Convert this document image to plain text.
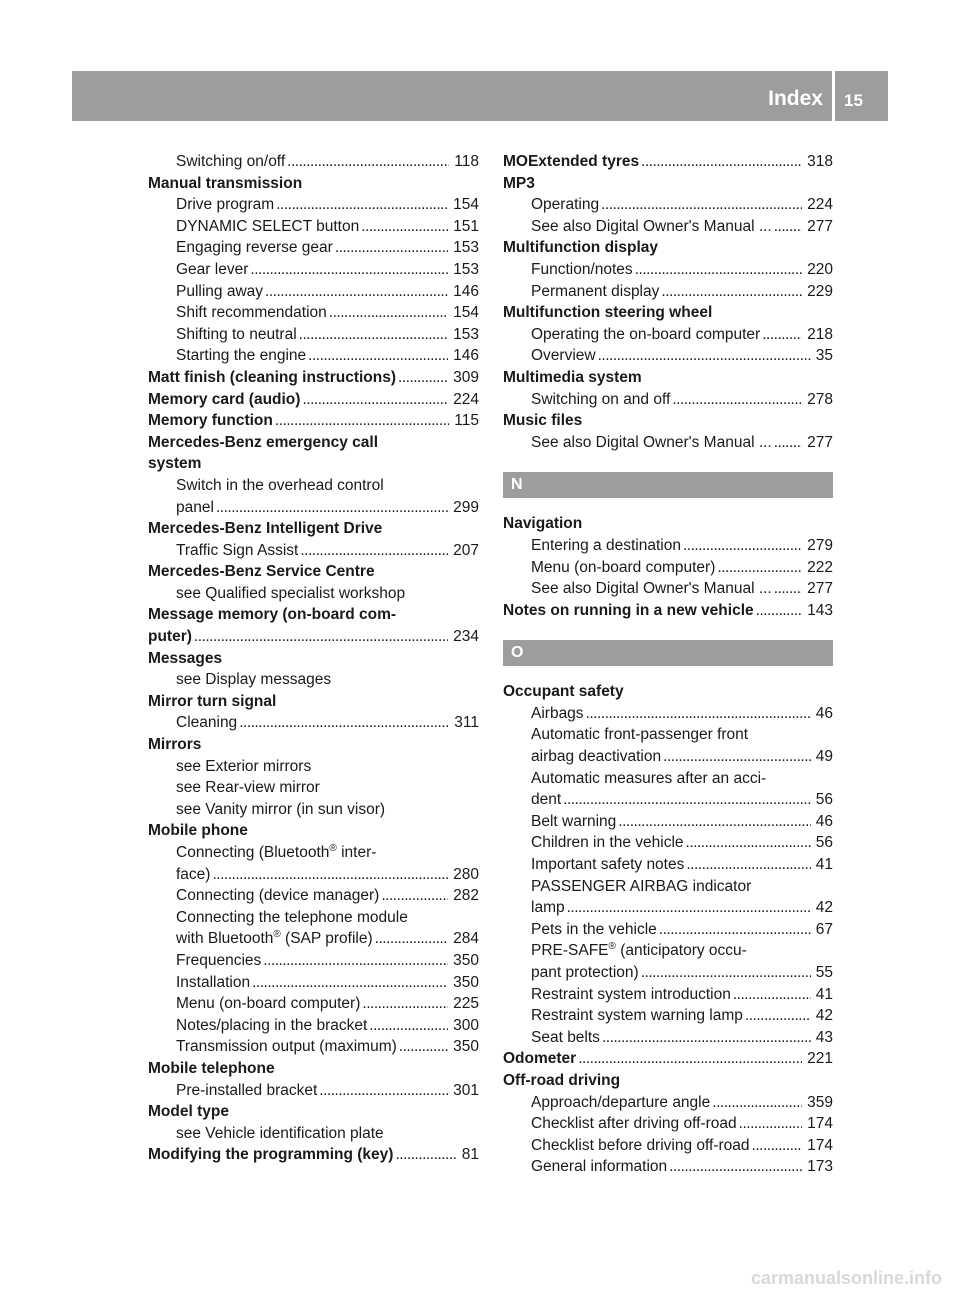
Index 15
Switching on/off . . .	118
Manual transmission
Drive program . . .	154
DYNAMIC SELECT button . . .	151
Engaging reverse gear . . .	153
Gear lever . . .	153
Pulling away . . .	146
Shift recommendation . . .	154
Shifting to neutral . . .	153
Starting the engine . . .	146
Matt finish (cleaning instructions) . . .	309
Memory card (audio) . . .	224
Memory function . . .	115
Mercedes-Benz emergency call
system
Switch in the overhead control
panel . . .	299
Mercedes-Benz Intelligent Drive
Traffic Sign Assist . . .	207
Mercedes-Benz Service Centre
see Qualified specialist workshop
Message memory (on-board com-
puter) . . .	234
Messages
see Display messages
Mirror turn signal
Cleaning . . .	311
Mirrors
see Exterior mirrors
see Rear-view mirror
see Vanity mirror (in sun visor)
Mobile phone
Connecting (Bluetooth® inter-
face) . . .	280
Connecting (device manager) . . .	282
Connecting the telephone module
with Bluetooth® (SAP profile) . . .	284
Frequencies . . .	350
Installation . . .	350
Menu (on-board computer) . . .	225
Notes/placing in the bracket . . .	300
Transmission output (maximum) . . .	350
Mobile telephone
Pre-installed bracket . . .	301
Model type
see Vehicle identification plate
Modifying the programming (key) . . .	81
MOExtended tyres . . .	318
MP3
Operating . . .	224
See also Digital Owner's Manual ... . . . 277
Multifunction display
Function/notes . . .	220
Permanent display . . .	229
Multifunction steering wheel
Operating the on-board computer . . .	218
Overview . . .	35
Multimedia system
Switching on and off . . .	278
Music files
See also Digital Owner's Manual ... . . . 277
N
Navigation
Entering a destination . . .	279
Menu (on-board computer) . . .	222
See also Digital Owner's Manual ... . . . 277
Notes on running in a new vehicle . . .	143
O
Occupant safety
Airbags . . .	46
Automatic front-passenger front
airbag deactivation . . .	49
Automatic measures after an acci-
dent . . .	56
Belt warning . . .	46
Children in the vehicle . . .	56
Important safety notes . . .	41
PASSENGER AIRBAG indicator
lamp . . .	42
Pets in the vehicle . . .	67
PRE-SAFE® (anticipatory occu-
pant protection) . . .	55
Restraint system introduction . . .	41
Restraint system warning lamp . . .	42
Seat belts . . .	43
Odometer . . .	221
Off-road driving
Approach/departure angle . . .	359
Checklist after driving off-road . . .	174
Checklist before driving off-road . . .	174
General information . . .	173
carmanualsonline.info
